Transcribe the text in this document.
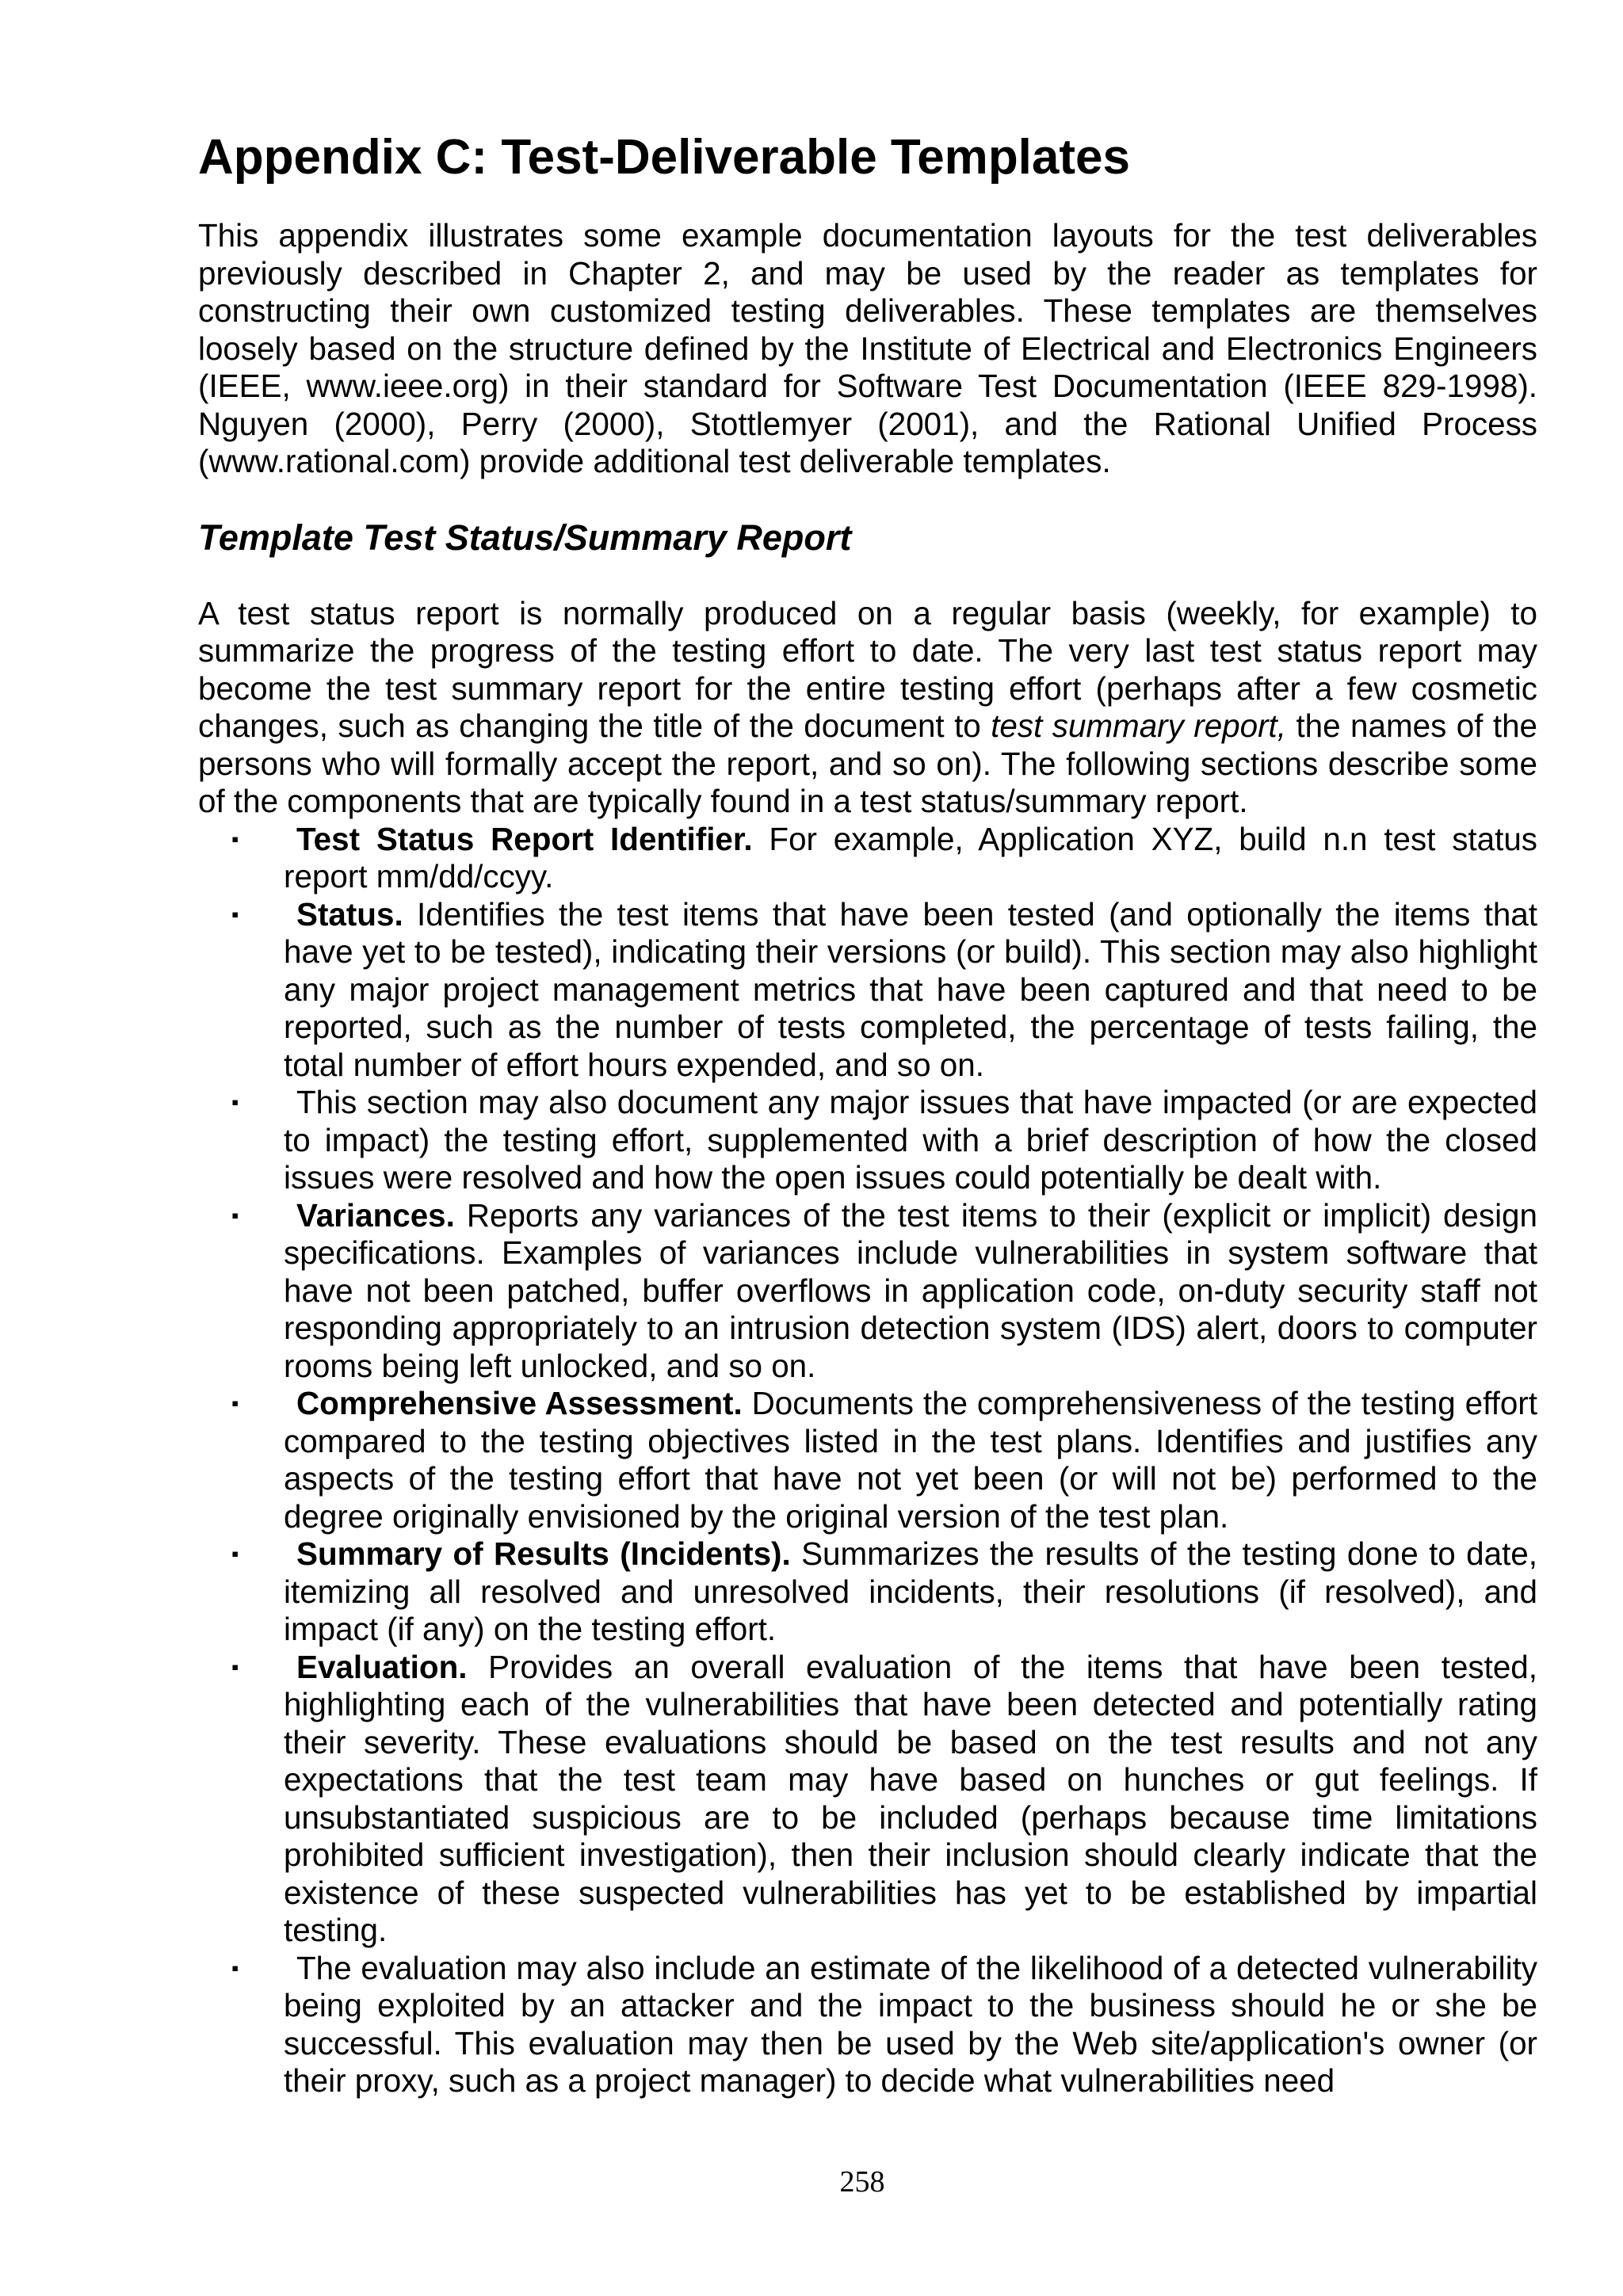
Appendix C: Test-Deliverable Templates

This appendix illustrates some example documentation layouts for the test deliverables previously described in Chapter 2, and may be used by the reader as templates for constructing their own customized testing deliverables. These templates are themselves loosely based on the structure defined by the Institute of Electrical and Electronics Engineers (IEEE, www.ieee.org) in their standard for Software Test Documentation (IEEE 829-1998). Nguyen (2000), Perry (2000), Stottlemyer (2001), and the Rational Unified Process (www.rational.com) provide additional test deliverable templates.

Template Test Status/Summary Report

A test status report is normally produced on a regular basis (weekly, for example) to summarize the progress of the testing effort to date. The very last test status report may become the test summary report for the entire testing effort (perhaps after a few cosmetic changes, such as changing the title of the document to test summary report, the names of the persons who will formally accept the report, and so on). The following sections describe some of the components that are typically found in a test status/summary report.

▪ Test Status Report Identifier. For example, Application XYZ, build n.n test status report mm/dd/ccyy.
▪ Status. Identifies the test items that have been tested (and optionally the items that have yet to be tested), indicating their versions (or build). This section may also highlight any major project management metrics that have been captured and that need to be reported, such as the number of tests completed, the percentage of tests failing, the total number of effort hours expended, and so on.
▪ This section may also document any major issues that have impacted (or are expected to impact) the testing effort, supplemented with a brief description of how the closed issues were resolved and how the open issues could potentially be dealt with.
▪ Variances. Reports any variances of the test items to their (explicit or implicit) design specifications. Examples of variances include vulnerabilities in system software that have not been patched, buffer overflows in application code, on-duty security staff not responding appropriately to an intrusion detection system (IDS) alert, doors to computer rooms being left unlocked, and so on.
▪ Comprehensive Assessment. Documents the comprehensiveness of the testing effort compared to the testing objectives listed in the test plans. Identifies and justifies any aspects of the testing effort that have not yet been (or will not be) performed to the degree originally envisioned by the original version of the test plan.
▪ Summary of Results (Incidents). Summarizes the results of the testing done to date, itemizing all resolved and unresolved incidents, their resolutions (if resolved), and impact (if any) on the testing effort.
▪ Evaluation. Provides an overall evaluation of the items that have been tested, highlighting each of the vulnerabilities that have been detected and potentially rating their severity. These evaluations should be based on the test results and not any expectations that the test team may have based on hunches or gut feelings. If unsubstantiated suspicious are to be included (perhaps because time limitations prohibited sufficient investigation), then their inclusion should clearly indicate that the existence of these suspected vulnerabilities has yet to be established by impartial testing.
▪ The evaluation may also include an estimate of the likelihood of a detected vulnerability being exploited by an attacker and the impact to the business should he or she be successful. This evaluation may then be used by the Web site/application's owner (or their proxy, such as a project manager) to decide what vulnerabilities need
258
